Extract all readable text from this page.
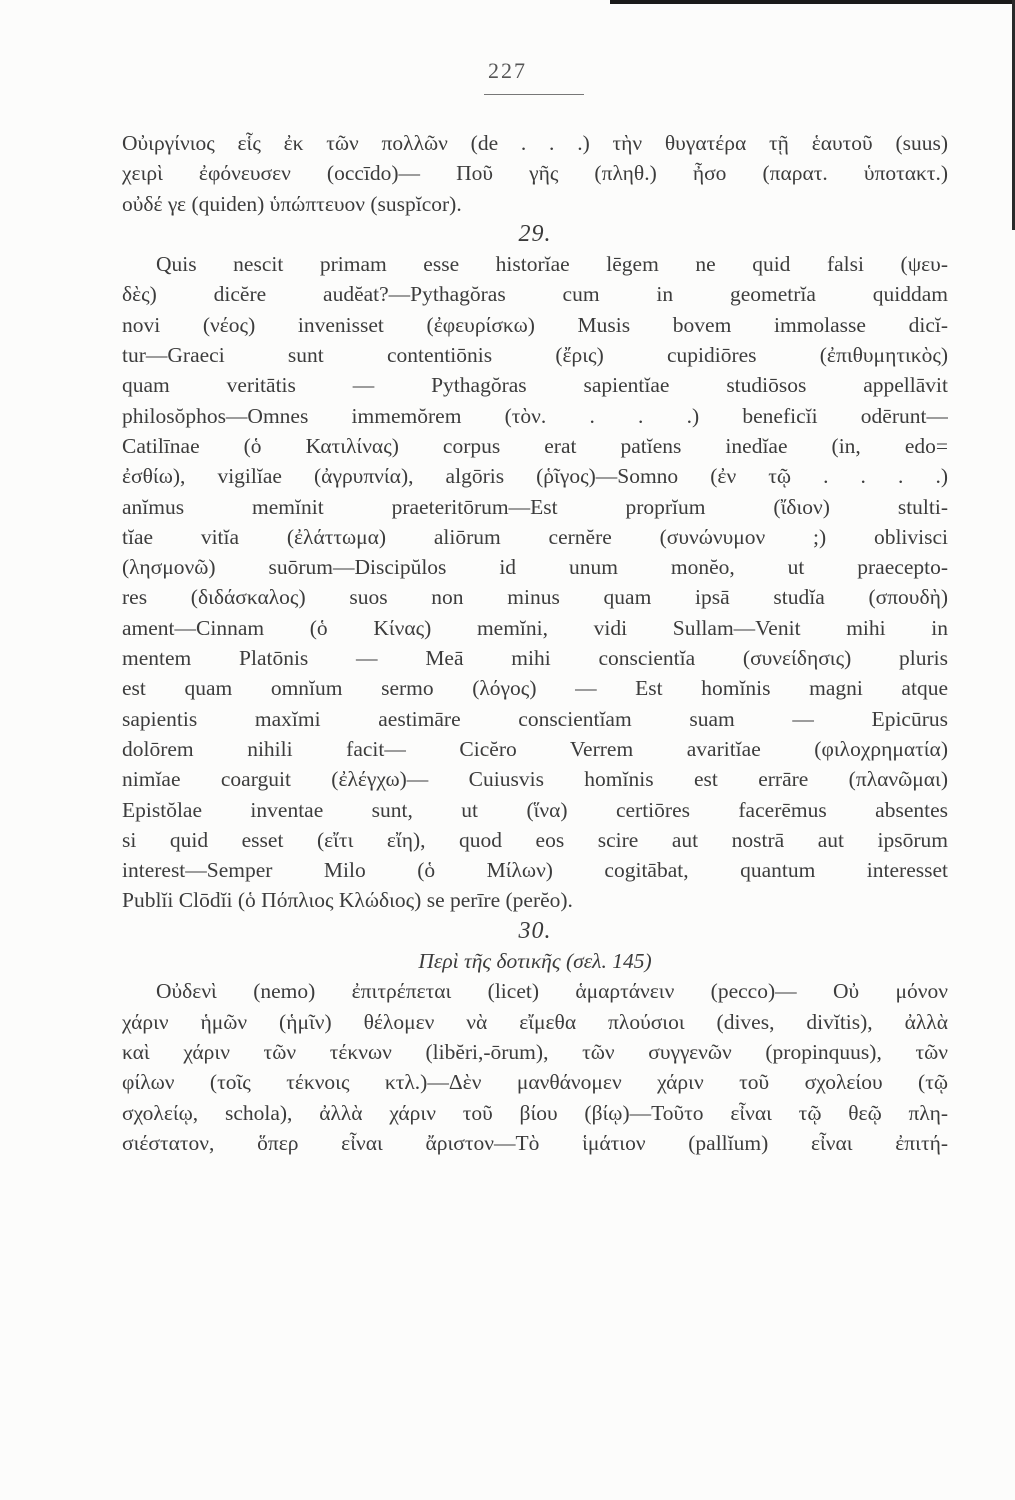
227
Οὐιργίνιος εἷς ἐκ τῶν πολλῶν (de . . .) τὴν θυγατέρα τῇ ἑαυτοῦ (suus)
χειρὶ ἐφόνευσεν (occīdo)— Ποῦ γῆς (πληθ.) ἦσο (παρατ. ὑποτακτ.)
οὐδέ γε (quiden) ὑπώπτευον (suspĭcor).
29.
Quis nescit primam esse historĭae lēgem ne quid falsi (ψευ-
δὲς) dicĕre audĕat?—Pythagŏras cum in geometrĭa quiddam
novi (νέος) invenisset (ἐφευρίσκω) Musis bovem immolasse dicĭ-
tur—Graeci sunt contentiōnis (ἔρις) cupidiōres (ἐπιθυμητικὸς)
quam veritātis — Pythagŏras sapientĭae studiōsos appellāvit
philosŏphos—Omnes immemŏrem (τὸν. . . .) beneficĭi odērunt—
Catilīnae (ὁ Κατιλίνας) corpus erat patĭens inedĭae (in, edo=
ἐσθίω), vigilĭae (ἀγρυπνία), algōris (ῥῖγος)—Somno (ἐν τῷ . . . .)
anĭmus memĭnit praeteritōrum—Est proprĭum (ἴδιον) stulti-
tĭae vitĭa (ἐλάττωμα) aliōrum cernĕre (συνώνυμον ;) oblivisci
(λησμονῶ) suōrum—Discipŭlos id unum monĕo, ut praecepto-
res (διδάσκαλος) suos non minus quam ipsā studĭa (σπουδὴ)
ament—Cinnam (ὁ Κίνας) memĭni, vidi Sullam—Venit mihi in
mentem Platōnis — Meā mihi conscientĭa (συνείδησις) pluris
est quam omnĭum sermo (λόγος) — Est homĭnis magni atque
sapientis maxĭmi aestimāre conscientĭam suam — Epicūrus
dolōrem nihili facit— Cicĕro Verrem avaritĭae (φιλοχρηματία)
nimĭae coarguit (ἐλέγχω)— Cuiusvis homĭnis est errāre (πλανῶμαι)
Epistŏlae inventae sunt, ut (ἵνα) certiōres facerēmus absentes
si quid esset (εἴτι εἴη), quod eos scire aut nostrā aut ipsōrum
interest—Semper Milo (ὁ Μίλων) cogitābat, quantum interesset
Publĭi Clōdĭi (ὁ Πόπλιος Κλώδιος) se perīre (perĕo).
30.
Περὶ τῆς δοτικῆς (σελ. 145)
Οὐδενὶ (nemo) ἐπιτρέπεται (licet) ἁμαρτάνειν (pecco)— Οὐ μόνον
χάριν ἡμῶν (ἡμῖν) θέλομεν νὰ εἴμεθα πλούσιοι (dives, divĭtis), ἀλλὰ
καὶ χάριν τῶν τέκνων (libĕri,-ōrum), τῶν συγγενῶν (propinquus), τῶν
φίλων (τοῖς τέκνοις κτλ.)—Δὲν μανθάνομεν χάριν τοῦ σχολείου (τῷ
σχολείῳ, schola), ἀλλὰ χάριν τοῦ βίου (βίῳ)—Τοῦτο εἶναι τῷ θεῷ πλη-
σιέστατον, ὅπερ εἶναι ἄριστον—Τὸ ἱμάτιον (pallĭum) εἶναι ἐπιτή-
